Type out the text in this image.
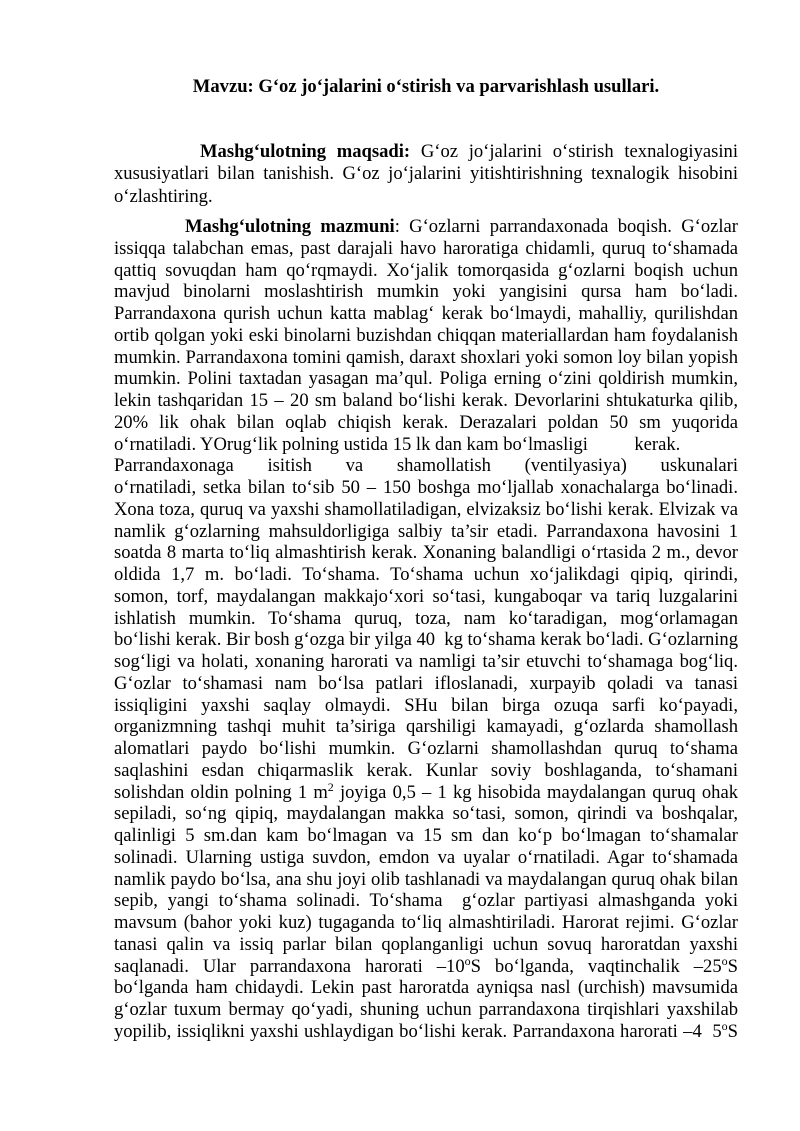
Mavzu: G‘oz jo‘jalarini o‘stirish va parvarishlash usullari.
Mashg‘ulotning maqsadi: G‘oz jo‘jalarini o‘stirish texnalogiyasini
xususiyatlari bilan tanishish. G‘oz jo‘jalarini yitishtirishning texnalogik hisobini
o‘zlashtiring.
Mashg‘ulotning mazmuni: G‘ozlarni parrandaxonada boqish. G‘ozlar
issiqqa talabchan emas, past darajali havo haroratiga chidamli, quruq to‘shamada
qattiq sovuqdan ham qo‘rqmaydi. Xo‘jalik tomorqasida g‘ozlarni boqish uchun
mavjud binolarni moslashtirish mumkin yoki yangisini qursa ham bo‘ladi.
Parrandaxona qurish uchun katta mablag‘ kerak bo‘lmaydi, mahalliy, qurilishdan
ortib qolgan yoki eski binolarni buzishdan chiqqan materiallardan ham foydalanish
mumkin. Parrandaxona tomini qamish, daraxt shoxlari yoki somon loy bilan yopish
mumkin. Polini taxtadan yasagan ma’qul. Poliga erning o‘zini qoldirish mumkin,
lekin tashqaridan 15 – 20 sm baland bo‘lishi kerak. Devorlarini shtukaturka qilib,
20% lik ohak bilan oqlab chiqish kerak. Derazalari poldan 50 sm yuqorida
o‘rnatiladi. YOrug‘lik polning ustida 15 lk dan kam bo‘lmasligi          kerak.
Parrandaxonaga isitish va shamollatish (ventilyasiya) uskunalari
o‘rnatiladi, setka bilan to‘sib 50 – 150 boshga mo‘ljallab xonachalarga bo‘linadi.
Xona toza, quruq va yaxshi shamollatiladigan, elvizaksiz bo‘lishi kerak. Elvizak va
namlik g‘ozlarning mahsuldorligiga salbiy ta’sir etadi. Parrandaxona havosini 1
soatda 8 marta to‘liq almashtirish kerak. Xonaning balandligi o‘rtasida 2 m., devor
oldida 1,7 m. bo‘ladi. To‘shama. To‘shama uchun xo‘jalikdagi qipiq, qirindi,
somon, torf, maydalangan makkajo‘xori so‘tasi, kungaboqar va tariq luzgalarini
ishlatish mumkin. To‘shama quruq, toza, nam ko‘taradigan, mog‘orlamagan
bo‘lishi kerak. Bir bosh g‘ozga bir yilga 40  kg to‘shama kerak bo‘ladi. G‘ozlarning
sog‘ligi va holati, xonaning harorati va namligi ta’sir etuvchi to‘shamaga bog‘liq.
G‘ozlar to‘shamasi nam bo‘lsa patlari ifloslanadi, xurpayib qoladi va tanasi
issiqligini yaxshi saqlay olmaydi. SHu bilan birga ozuqa sarfi ko‘payadi,
organizmning tashqi muhit ta’siriga qarshiligi kamayadi, g‘ozlarda shamollash
alomatlari paydo bo‘lishi mumkin. G‘ozlarni shamollashdan quruq to‘shama
saqlashini esdan chiqarmaslik kerak. Kunlar soviy boshlaganda, to‘shamani
solishdan oldin polning 1 $m^2$ joyiga 0,5 – 1 kg hisobida maydalangan quruq ohak
sepiladi, so‘ng qipiq, maydalangan makka so‘tasi, somon, qirindi va boshqalar,
qalinligi 5 sm.dan kam bo‘lmagan va 15 sm dan ko‘p bo‘lmagan to‘shamalar
solinadi. Ularning ustiga suvdon, emdon va uyalar o‘rnatiladi. Agar to‘shamada
namlik paydo bo‘lsa, ana shu joyi olib tashlanadi va maydalangan quruq ohak bilan
sepib, yangi to‘shama solinadi. To‘shama  g‘ozlar partiyasi almashganda yoki
mavsum (bahor yoki kuz) tugaganda to‘liq almashtiriladi. Harorat rejimi. G‘ozlar
tanasi qalin va issiq parlar bilan qoplanganligi uchun sovuq haroratdan yaxshi
saqlanadi. Ular parrandaxona harorati –10$^o$S bo‘lganda, vaqtinchalik –25$^o$S
bo‘lganda ham chidaydi. Lekin past haroratda ayniqsa nasl (urchish) mavsumida
g‘ozlar tuxum bermay qo‘yadi, shuning uchun parrandaxona tirqishlari yaxshilab
yopilib, issiqlikni yaxshi ushlaydigan bo‘lishi kerak. Parrandaxona harorati –4  5$^o$S
